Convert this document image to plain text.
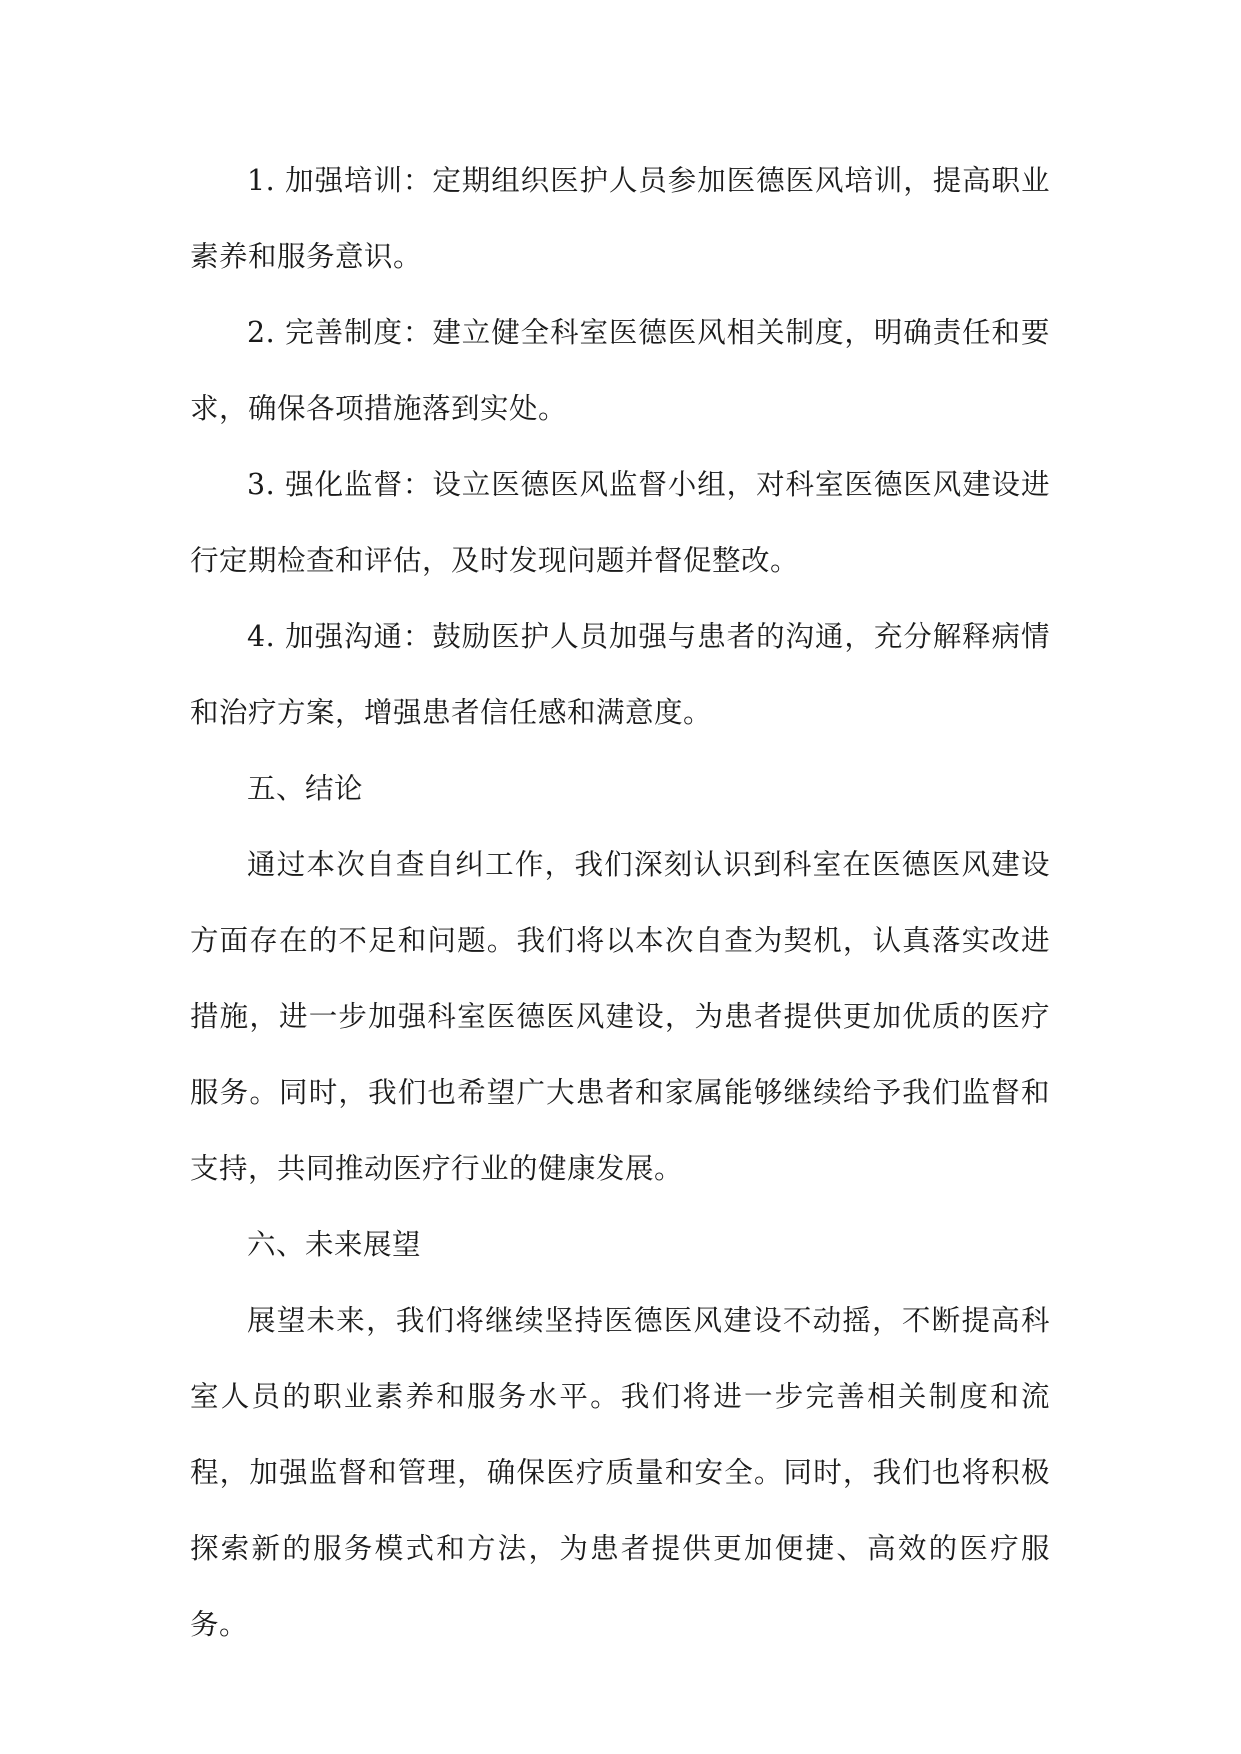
1. 加强培训：定期组织医护人员参加医德医风培训，提高职业素养和服务意识。

2. 完善制度：建立健全科室医德医风相关制度，明确责任和要求，确保各项措施落到实处。

3. 强化监督：设立医德医风监督小组，对科室医德医风建设进行定期检查和评估，及时发现问题并督促整改。

4. 加强沟通：鼓励医护人员加强与患者的沟通，充分解释病情和治疗方案，增强患者信任感和满意度。

五、结论

通过本次自查自纠工作，我们深刻认识到科室在医德医风建设方面存在的不足和问题。我们将以本次自查为契机，认真落实改进措施，进一步加强科室医德医风建设，为患者提供更加优质的医疗服务。同时，我们也希望广大患者和家属能够继续给予我们监督和支持，共同推动医疗行业的健康发展。

六、未来展望

展望未来，我们将继续坚持医德医风建设不动摇，不断提高科室人员的职业素养和服务水平。我们将进一步完善相关制度和流程，加强监督和管理，确保医疗质量和安全。同时，我们也将积极探索新的服务模式和方法，为患者提供更加便捷、高效的医疗服务。
